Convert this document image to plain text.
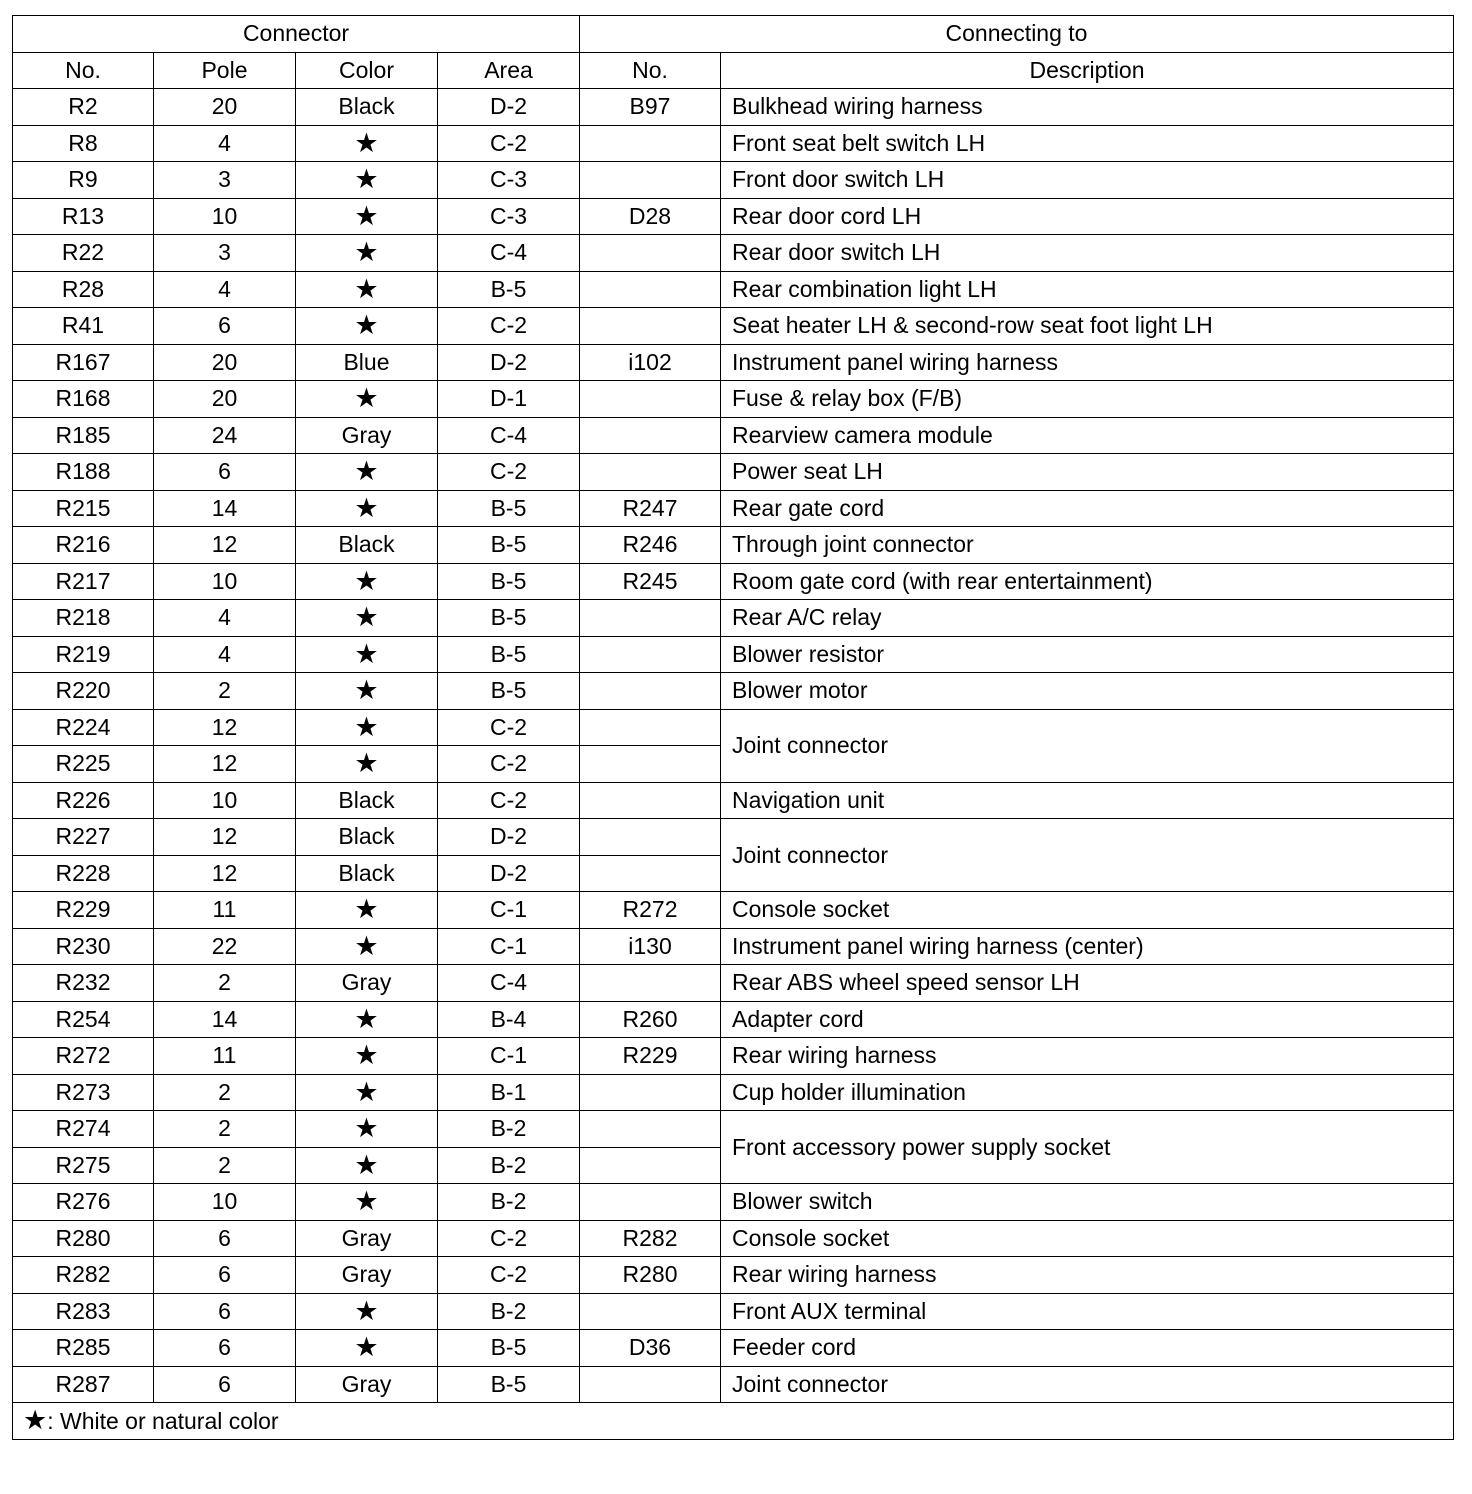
Connector				Connecting to	
No.	Pole	Color	Area	No.	Description
R2	20	Black	D-2	B97	Bulkhead wiring harness
R8	4	★	C-2		Front seat belt switch LH
R9	3	★	C-3		Front door switch LH
R13	10	★	C-3	D28	Rear door cord LH
R22	3	★	C-4		Rear door switch LH
R28	4	★	B-5		Rear combination light LH
R41	6	★	C-2		Seat heater LH & second-row seat foot light LH
R167	20	Blue	D-2	i102	Instrument panel wiring harness
R168	20	★	D-1		Fuse & relay box (F/B)
R185	24	Gray	C-4		Rearview camera module
R188	6	★	C-2		Power seat LH
R215	14	★	B-5	R247	Rear gate cord
R216	12	Black	B-5	R246	Through joint connector
R217	10	★	B-5	R245	Room gate cord (with rear entertainment)
R218	4	★	B-5		Rear A/C relay
R219	4	★	B-5		Blower resistor
R220	2	★	B-5		Blower motor
R224	12	★	C-2		Joint connector
R225	12	★	C-2		
R226	10	Black	C-2		Navigation unit
R227	12	Black	D-2		Joint connector
R228	12	Black	D-2		
R229	11	★	C-1	R272	Console socket
R230	22	★	C-1	i130	Instrument panel wiring harness (center)
R232	2	Gray	C-4		Rear ABS wheel speed sensor LH
R254	14	★	B-4	R260	Adapter cord
R272	11	★	C-1	R229	Rear wiring harness
R273	2	★	B-1		Cup holder illumination
R274	2	★	B-2		Front accessory power supply socket
R275	2	★	B-2		
R276	10	★	B-2		Blower switch
R280	6	Gray	C-2	R282	Console socket
R282	6	Gray	C-2	R280	Rear wiring harness
R283	6	★	B-2		Front AUX terminal
R285	6	★	B-5	D36	Feeder cord
R287	6	Gray	B-5		Joint connector
★: White or natural color					
